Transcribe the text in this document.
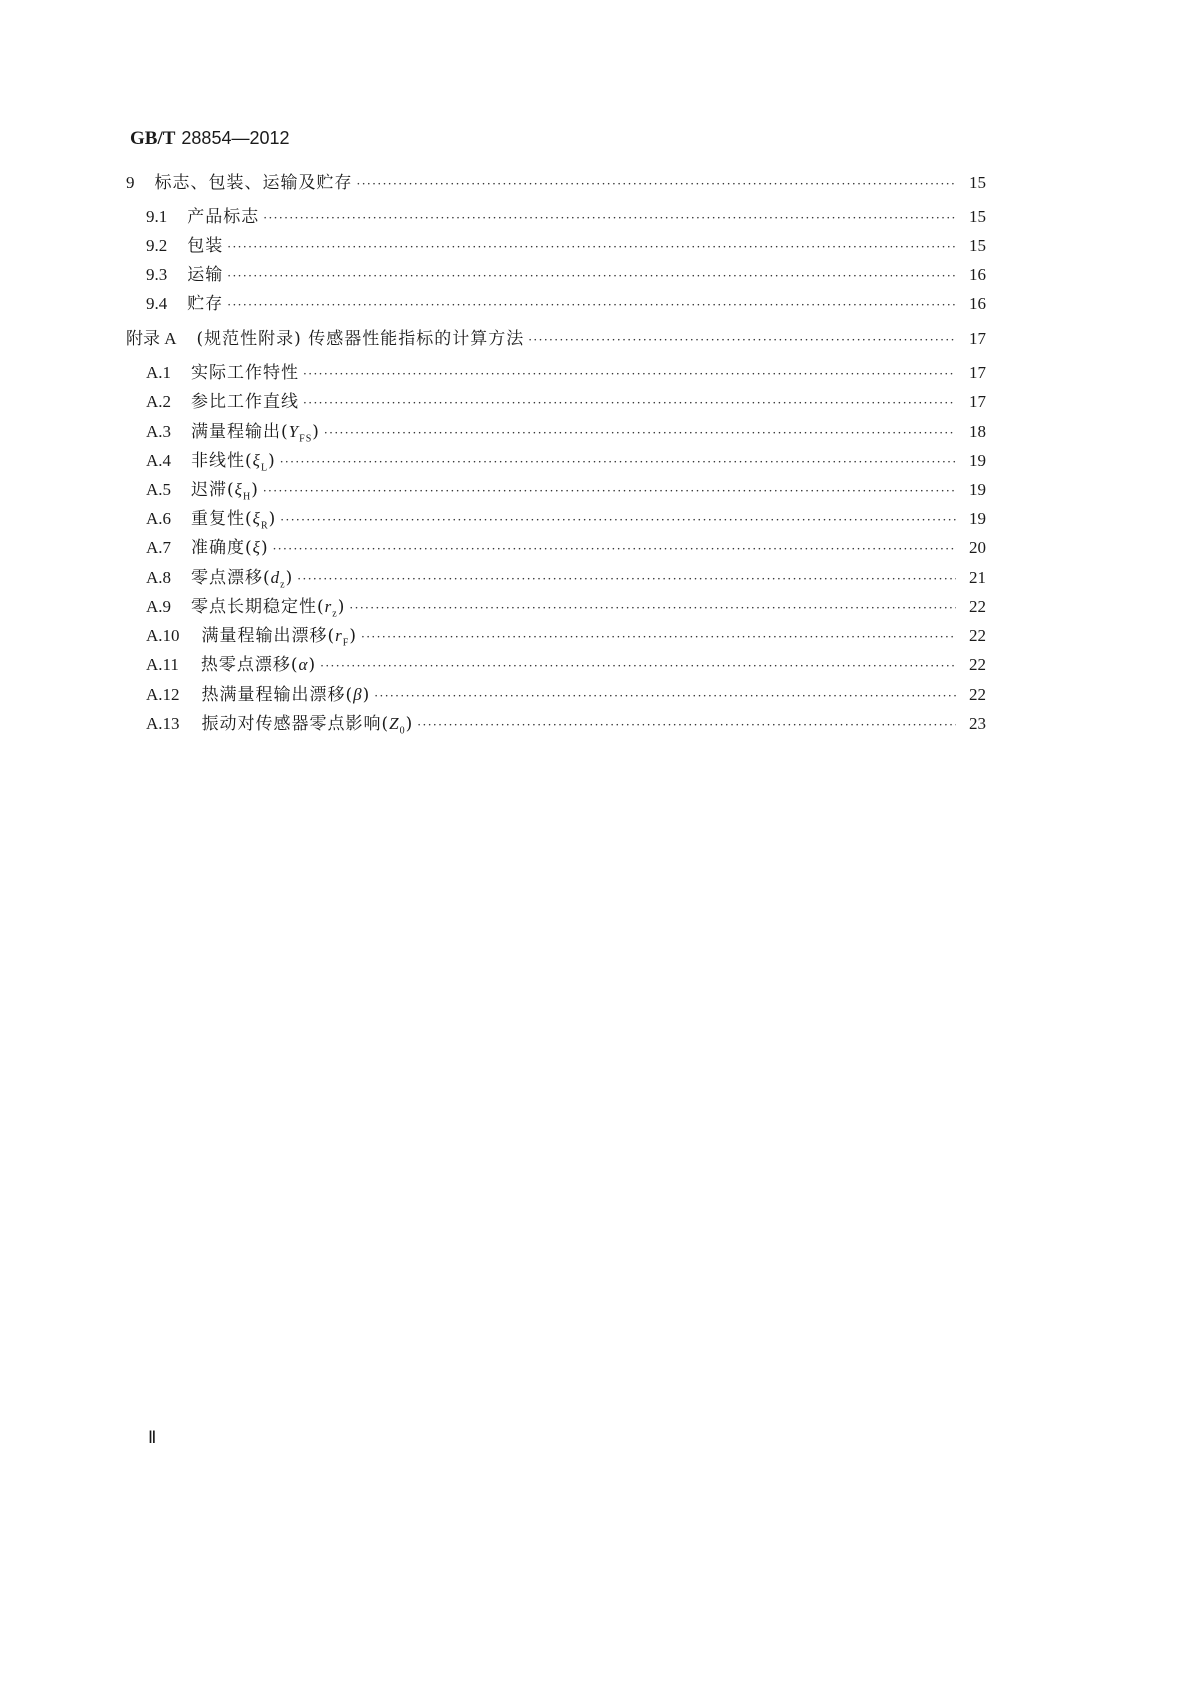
GB/T 28854—2012
9 标志、包装、运输及贮存 ·····	15
9.1 产品标志 ·····	15
9.2 包装 ·····	15
9.3 运输 ·····	16
9.4 贮存 ·····	16
附录 A (规范性附录) 传感器性能指标的计算方法 ·····	17
A.1 实际工作特性 ·····	17
A.2 参比工作直线 ·····	17
A.3 满量程输出$(Y_{FS})$ ·····	18
A.4 非线性$(\xi_L)$ ·····	19
A.5 迟滞$(\xi_H)$ ·····	19
A.6 重复性$(\xi_R)$ ·····	19
A.7 准确度(ξ) ·····	20
A.8 零点漂移$(d_z)$ ·····	21
A.9 零点长期稳定性$(r_z)$ ·····	22
A.10 满量程输出漂移$(r_F)$ ·····	22
A.11 热零点漂移(α) ·····	22
A.12 热满量程输出漂移(β) ·····	22
A.13 振动对传感器零点影响$(Z_0)$ ·····	23
Ⅱ
